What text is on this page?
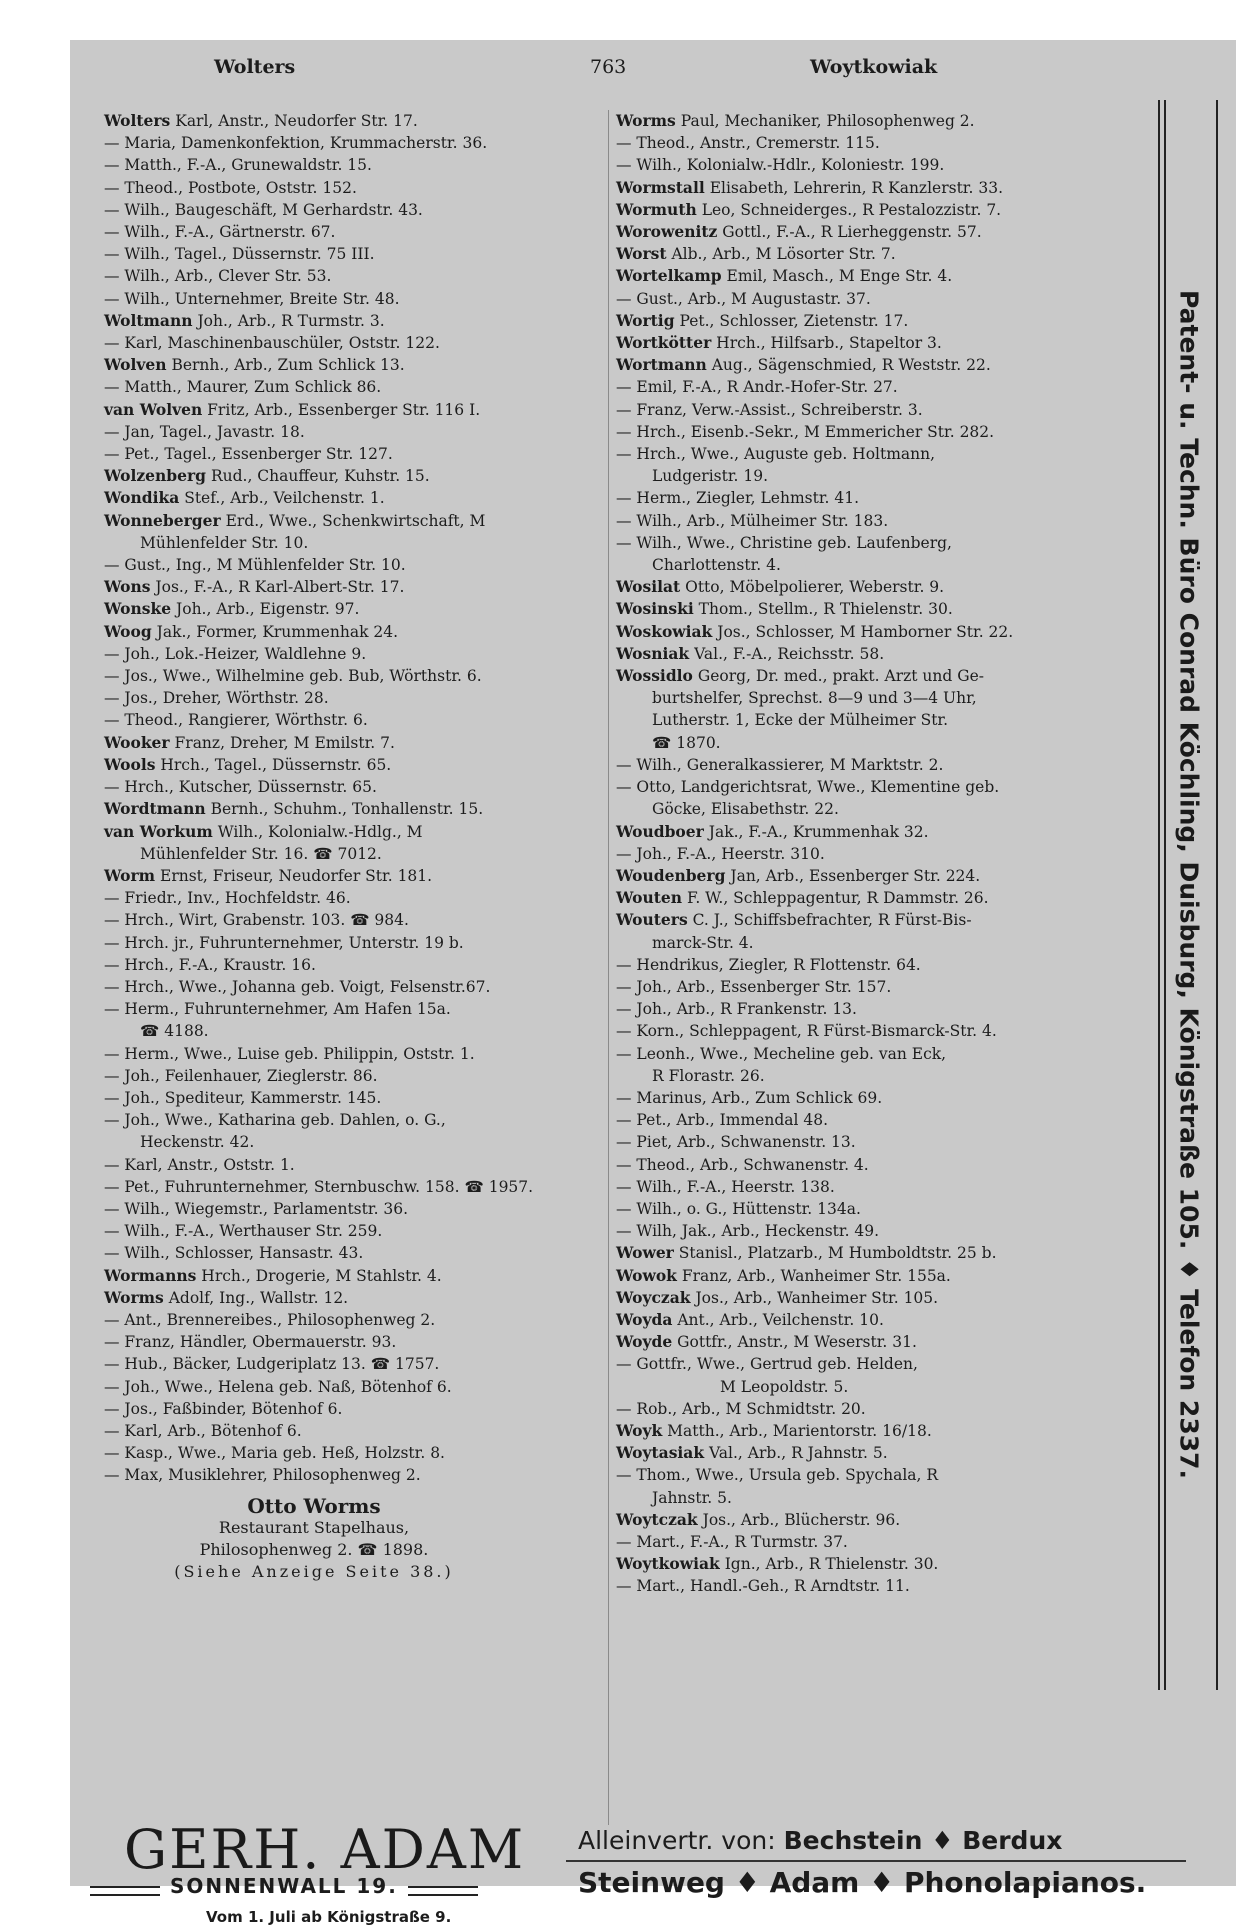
Wolters	763	Woytkowiak
Wolters Karl, Anstr., Neudorfer Str. 17.
— Maria, Damenkonfektion, Krummacherstr. 36.
— Matth., F.-A., Grunewaldstr. 15.
— Theod., Postbote, Oststr. 152.
— Wilh., Baugeschäft, M Gerhardstr. 43.
— Wilh., F.-A., Gärtnerstr. 67.
— Wilh., Tagel., Düssernstr. 75 III.
— Wilh., Arb., Clever Str. 53.
— Wilh., Unternehmer, Breite Str. 48.
Woltmann Joh., Arb., R Turmstr. 3.
— Karl, Maschinenbauschüler, Oststr. 122.
Wolven Bernh., Arb., Zum Schlick 13.
— Matth., Maurer, Zum Schlick 86.
van Wolven Fritz, Arb., Essenberger Str. 116 I.
— Jan, Tagel., Javastr. 18.
— Pet., Tagel., Essenberger Str. 127.
Wolzenberg Rud., Chauffeur, Kuhstr. 15.
Wondika Stef., Arb., Veilchenstr. 1.
Wonneberger Erd., Wwe., Schenkwirtschaft, M
Mühlenfelder Str. 10.
— Gust., Ing., M Mühlenfelder Str. 10.
Wons Jos., F.-A., R Karl-Albert-Str. 17.
Wonske Joh., Arb., Eigenstr. 97.
Woog Jak., Former, Krummenhak 24.
— Joh., Lok.-Heizer, Waldlehne 9.
— Jos., Wwe., Wilhelmine geb. Bub, Wörthstr. 6.
— Jos., Dreher, Wörthstr. 28.
— Theod., Rangierer, Wörthstr. 6.
Wooker Franz, Dreher, M Emilstr. 7.
Wools Hrch., Tagel., Düssernstr. 65.
— Hrch., Kutscher, Düssernstr. 65.
Wordtmann Bernh., Schuhm., Tonhallenstr. 15.
van Workum Wilh., Kolonialw.-Hdlg., M
Mühlenfelder Str. 16. ☎ 7012.
Worm Ernst, Friseur, Neudorfer Str. 181.
— Friedr., Inv., Hochfeldstr. 46.
— Hrch., Wirt, Grabenstr. 103. ☎ 984.
— Hrch. jr., Fuhrunternehmer, Unterstr. 19 b.
— Hrch., F.-A., Kraustr. 16.
— Hrch., Wwe., Johanna geb. Voigt, Felsenstr.67.
— Herm., Fuhrunternehmer, Am Hafen 15a.
☎ 4188.
— Herm., Wwe., Luise geb. Philippin, Oststr. 1.
— Joh., Feilenhauer, Zieglerstr. 86.
— Joh., Spediteur, Kammerstr. 145.
— Joh., Wwe., Katharina geb. Dahlen, o. G.,
Heckenstr. 42.
— Karl, Anstr., Oststr. 1.
— Pet., Fuhrunternehmer, Sternbuschw. 158. ☎ 1957.
— Wilh., Wiegemstr., Parlamentstr. 36.
— Wilh., F.-A., Werthauser Str. 259.
— Wilh., Schlosser, Hansastr. 43.
Wormanns Hrch., Drogerie, M Stahlstr. 4.
Worms Adolf, Ing., Wallstr. 12.
— Ant., Brennereibes., Philosophenweg 2.
— Franz, Händler, Obermauerstr. 93.
— Hub., Bäcker, Ludgeriplatz 13. ☎ 1757.
— Joh., Wwe., Helena geb. Naß, Bötenhof 6.
— Jos., Faßbinder, Bötenhof 6.
— Karl, Arb., Bötenhof 6.
— Kasp., Wwe., Maria geb. Heß, Holzstr. 8.
— Max, Musiklehrer, Philosophenweg 2.
Otto Worms
Restaurant Stapelhaus,
Philosophenweg 2. ☎ 1898.
(Siehe Anzeige Seite 38.)
Worms Paul, Mechaniker, Philosophenweg 2.
— Theod., Anstr., Cremerstr. 115.
— Wilh., Kolonialw.-Hdlr., Koloniestr. 199.
Wormstall Elisabeth, Lehrerin, R Kanzlerstr. 33.
Wormuth Leo, Schneiderges., R Pestalozzistr. 7.
Worowenitz Gottl., F.-A., R Lierheggenstr. 57.
Worst Alb., Arb., M Lösorter Str. 7.
Wortelkamp Emil, Masch., M Enge Str. 4.
— Gust., Arb., M Augustastr. 37.
Wortig Pet., Schlosser, Zietenstr. 17.
Wortkötter Hrch., Hilfsarb., Stapeltor 3.
Wortmann Aug., Sägenschmied, R Weststr. 22.
— Emil, F.-A., R Andr.-Hofer-Str. 27.
— Franz, Verw.-Assist., Schreiberstr. 3.
— Hrch., Eisenb.-Sekr., M Emmericher Str. 282.
— Hrch., Wwe., Auguste geb. Holtmann,
Ludgeristr. 19.
— Herm., Ziegler, Lehmstr. 41.
— Wilh., Arb., Mülheimer Str. 183.
— Wilh., Wwe., Christine geb. Laufenberg,
Charlottenstr. 4.
Wosilat Otto, Möbelpolierer, Weberstr. 9.
Wosinski Thom., Stellm., R Thielenstr. 30.
Woskowiak Jos., Schlosser, M Hamborner Str. 22.
Wosniak Val., F.-A., Reichsstr. 58.
Wossidlo Georg, Dr. med., prakt. Arzt und Ge-
burtshelfer, Sprechst. 8—9 und 3—4 Uhr,
Lutherstr. 1, Ecke der Mülheimer Str.
☎ 1870.
— Wilh., Generalkassierer, M Marktstr. 2.
— Otto, Landgerichtsrat, Wwe., Klementine geb.
Göcke, Elisabethstr. 22.
Woudboer Jak., F.-A., Krummenhak 32.
— Joh., F.-A., Heerstr. 310.
Woudenberg Jan, Arb., Essenberger Str. 224.
Wouten F. W., Schleppagentur, R Dammstr. 26.
Wouters C. J., Schiffsbefrachter, R Fürst-Bis-
marck-Str. 4.
— Hendrikus, Ziegler, R Flottenstr. 64.
— Joh., Arb., Essenberger Str. 157.
— Joh., Arb., R Frankenstr. 13.
— Korn., Schleppagent, R Fürst-Bismarck-Str. 4.
— Leonh., Wwe., Mecheline geb. van Eck,
R Florastr. 26.
— Marinus, Arb., Zum Schlick 69.
— Pet., Arb., Immendal 48.
— Piet, Arb., Schwanenstr. 13.
— Theod., Arb., Schwanenstr. 4.
— Wilh., F.-A., Heerstr. 138.
— Wilh., o. G., Hüttenstr. 134a.
— Wilh, Jak., Arb., Heckenstr. 49.
Wower Stanisl., Platzarb., M Humboldtstr. 25 b.
Wowok Franz, Arb., Wanheimer Str. 155a.
Woyczak Jos., Arb., Wanheimer Str. 105.
Woyda Ant., Arb., Veilchenstr. 10.
Woyde Gottfr., Anstr., M Weserstr. 31.
— Gottfr., Wwe., Gertrud geb. Helden,
M Leopoldstr. 5.
— Rob., Arb., M Schmidtstr. 20.
Woyk Matth., Arb., Marientorstr. 16/18.
Woytasiak Val., Arb., R Jahnstr. 5.
— Thom., Wwe., Ursula geb. Spychala, R
Jahnstr. 5.
Woytczak Jos., Arb., Blücherstr. 96.
— Mart., F.-A., R Turmstr. 37.
Woytkowiak Ign., Arb., R Thielenstr. 30.
— Mart., Handl.-Geh., R Arndtstr. 11.
Patent- u. Techn. Büro Conrad Köchling, Duisburg, Königstraße 105. ♦ Telefon 2337.
GERH. ADAM
SONNENWALL 19.
Vom 1. Juli ab Königstraße 9.
Alleinvertr. von: Bechstein ♦ Berdux
Steinweg ♦ Adam ♦ Phonolapianos.
